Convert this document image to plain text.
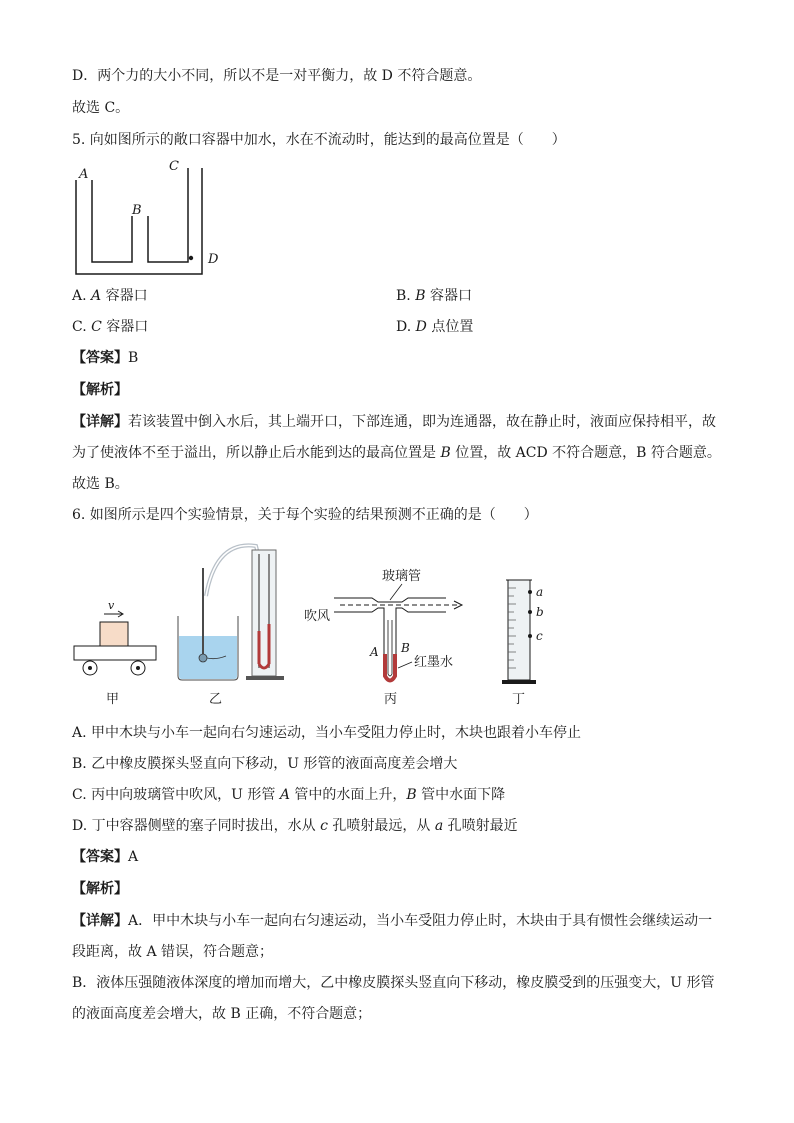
D．两个力的大小不同，所以不是一对平衡力，故 D 不符合题意。
故选 C。
5. 向如图所示的敞口容器中加水，水在不流动时，能达到的最高位置是（　　）
A
B
C
D
A. A 容器口	B. B 容器口
C. C 容器口	D. D 点位置
【答案】B
【解析】
【详解】若该装置中倒入水后，其上端开口，下部连通，即为连通器，故在静止时，液面应保持相平，故
为了使液体不至于溢出，所以静止后水能到达的最高位置是 B 位置，故 ACD 不符合题意，B 符合题意。
故选 B。
6. 如图所示是四个实验情景，关于每个实验的结果预测不正确的是（　　）
v
甲	乙
玻璃管
吹风
A B
红墨水
丙
a
b
c
丁
A. 甲中木块与小车一起向右匀速运动，当小车受阻力停止时，木块也跟着小车停止
B. 乙中橡皮膜探头竖直向下移动，U 形管的液面高度差会增大
C. 丙中向玻璃管中吹风，U 形管 A 管中的水面上升，B 管中水面下降
D. 丁中容器侧壁的塞子同时拔出，水从 c 孔喷射最远，从 a 孔喷射最近
【答案】A
【解析】
【详解】A．甲中木块与小车一起向右匀速运动，当小车受阻力停止时，木块由于具有惯性会继续运动一
段距离，故 A 错误，符合题意；
B．液体压强随液体深度的增加而增大，乙中橡皮膜探头竖直向下移动，橡皮膜受到的压强变大，U 形管
的液面高度差会增大，故 B 正确，不符合题意；
